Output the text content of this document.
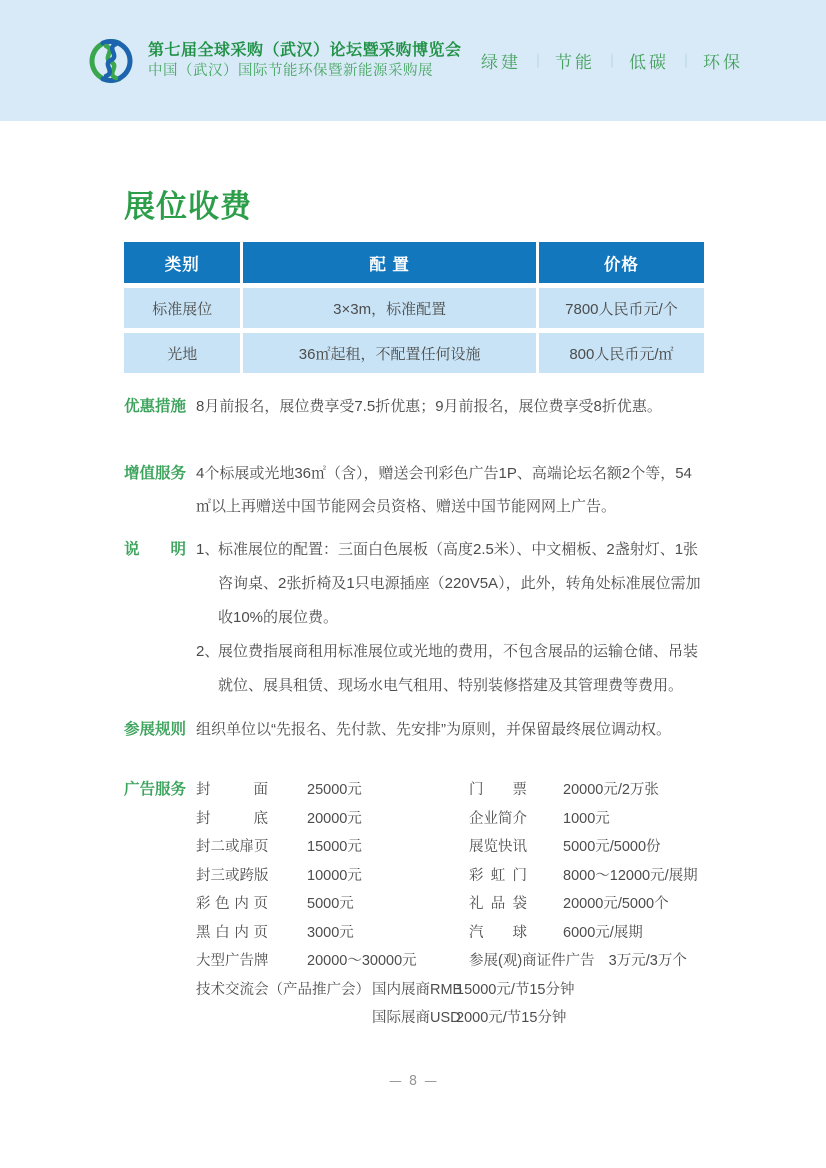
第七届全球采购（武汉）论坛暨采购博览会
中国（武汉）国际节能环保暨新能源采购展	绿建 ｜ 节能 ｜ 低碳 ｜ 环保
展位收费
类别	配 置	价格
标准展位	3×3m，标准配置	7800人民币元/个
光地	36㎡起租，不配置任何设施	800人民币元/㎡
优惠措施 8月前报名，展位费享受7.5折优惠；9月前报名，展位费享受8折优惠。
增值服务 4个标展或光地36㎡（含），赠送会刊彩色广告1P、高端论坛名额2个等，54㎡以上再赠送中国节能网会员资格、赠送中国节能网网上广告。
说明 1、
标准展位的配置：三面白色展板（高度2.5米）、中文楣板、2盏射灯、1张咨询桌、2张折椅及1只电源插座（220V5A），此外，转角处标准展位需加收10%的展位费。
2、
展位费指展商租用标准展位或光地的费用，不包含展品的运输仓储、吊装就位、展具租赁、现场水电气租用、特别装修搭建及其管理费等费用。
参展规则 组织单位以“先报名、先付款、先安排”为原则，并保留最终展位调动权。
广告服务 封面	25000元	门票 20000元/2万张
封底	20000元	企业简介 1000元
封二或扉页	15000元	展览快讯 5000元/5000份
封三或跨版	10000元	彩虹门 8000～12000元/展期
彩色内页	5000元	礼品袋 20000元/5000个
黑白内页	3000元	汽球 6000元/展期
大型广告牌	20000～30000元	参展(观)商证件广告 3万元/3万个
技术交流会（产品推广会） 国内展商RMB
15000元/节15分钟
国际展商USD
2000元/节15分钟
— 8 —
